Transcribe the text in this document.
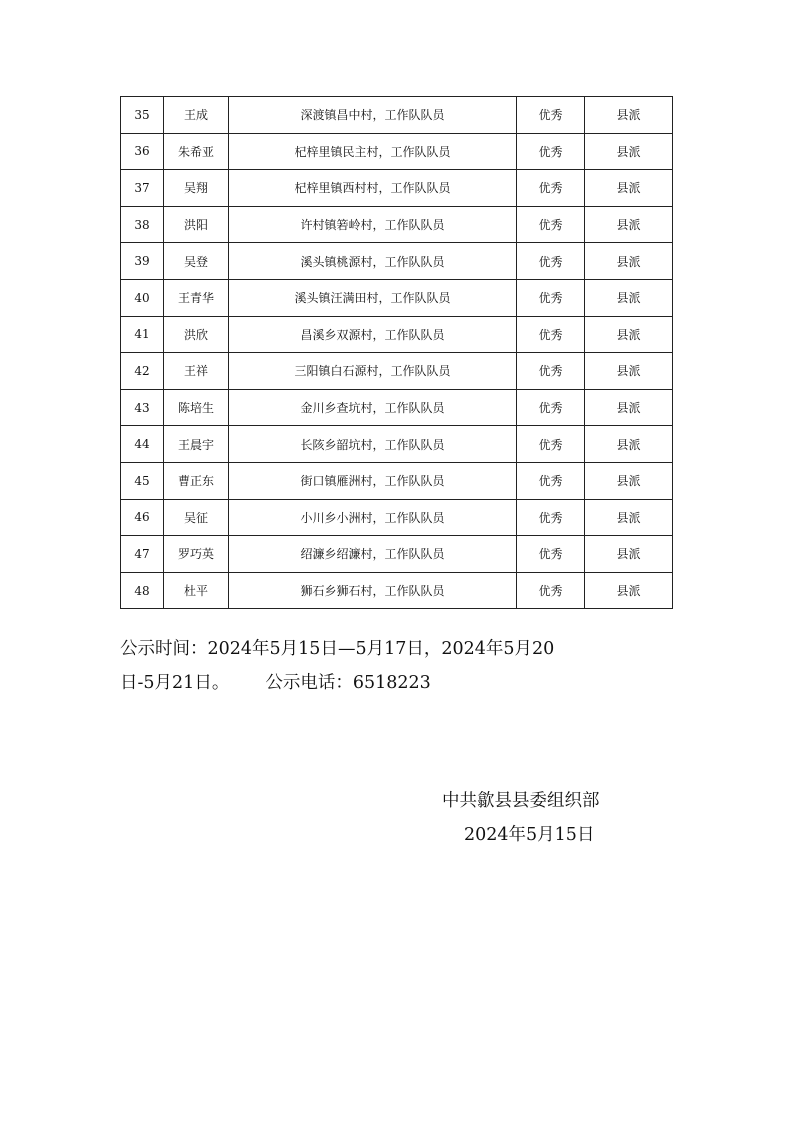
35	王成	深渡镇昌中村，工作队队员	优秀	县派
36	朱希亚	杞梓里镇民主村，工作队队员	优秀	县派
37	吴翔	杞梓里镇西村村，工作队队员	优秀	县派
38	洪阳	许村镇箬岭村，工作队队员	优秀	县派
39	吴登	溪头镇桃源村，工作队队员	优秀	县派
40	王青华	溪头镇汪满田村，工作队队员	优秀	县派
41	洪欣	昌溪乡双源村，工作队队员	优秀	县派
42	王祥	三阳镇白石源村，工作队队员	优秀	县派
43	陈培生	金川乡查坑村，工作队队员	优秀	县派
44	王晨宇	长陔乡韶坑村，工作队队员	优秀	县派
45	曹正东	街口镇雁洲村，工作队队员	优秀	县派
46	吴征	小川乡小洲村，工作队队员	优秀	县派
47	罗巧英	绍濂乡绍濂村，工作队队员	优秀	县派
48	杜平	狮石乡狮石村，工作队队员	优秀	县派
公示时间：2024年5月15日—5月17日，2024年5月20
日-5月21日。 公示电话：6518223
中共歙县县委组织部
2024年5月15日
